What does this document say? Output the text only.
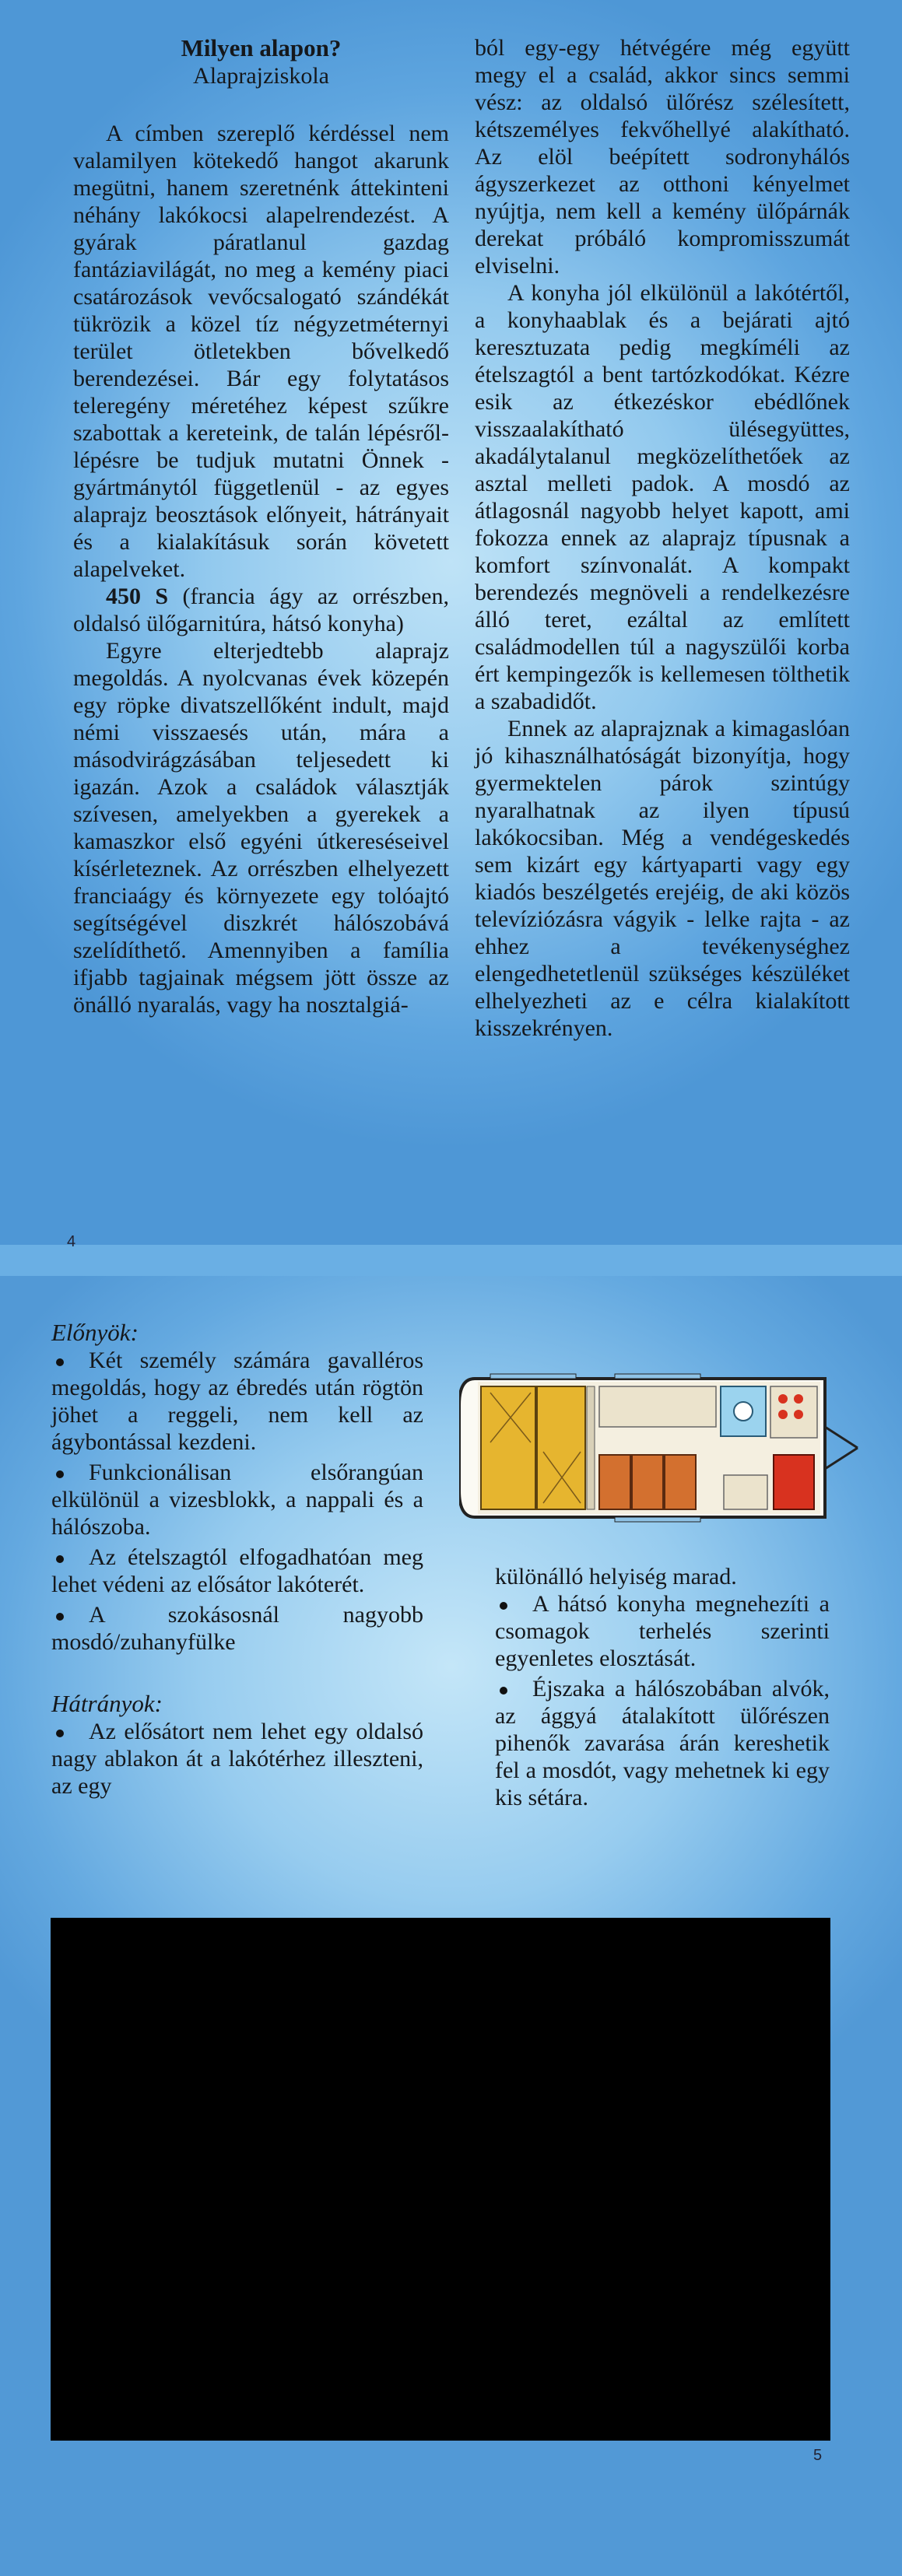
Milyen alapon?
Alaprajziskola

A címben szereplő kérdéssel nem valamilyen kötekedő hangot akarunk megütni, hanem szeretnénk áttekinteni néhány lakókocsi alapelrendezést. A gyárak páratlanul gazdag fantáziavilágát, no meg a kemény piaci csatározások vevőcsalogató szándékát tükrözik a közel tíz négyzetméternyi terület ötletekben bővelkedő berendezései. Bár egy folytatásos teleregény méretéhez képest szűkre szabottak a kereteink, de talán lépésről-lépésre be tudjuk mutatni Önnek - gyártmánytól függetlenül - az egyes alaprajz beosztások előnyeit, hátrányait és a kialakításuk során követett alapelveket.

450 S (francia ágy az orrészben, oldalsó ülőgarnitúra, hátsó konyha)

Egyre elterjedtebb alaprajz megoldás. A nyolcvanas évek közepén egy röpke divatszellőként indult, majd némi visszaesés után, mára a másodvirágzásában teljesedett ki igazán. Azok a családok választják szívesen, amelyekben a gyerekek a kamaszkor első egyéni útkereséseivel kísérleteznek. Az orrészben elhelyezett franciaágy és környezete egy tolóajtó segítségével diszkrét hálószobává szelídíthető. Amennyiben a família ifjabb tagjainak mégsem jött össze az önálló nyaralás, vagy ha nosztalgiá-

ból egy-egy hétvégére még együtt megy el a család, akkor sincs semmi vész: az oldalsó ülőrész szélesített, kétszemélyes fekvőhellyé alakítható. Az elöl beépített sodronyhálós ágyszerkezet az otthoni kényelmet nyújtja, nem kell a kemény ülőpárnák derekat próbáló kompromisszumát elviselni.

A konyha jól elkülönül a lakótértől, a konyhaablak és a bejárati ajtó keresztuzata pedig megkíméli az ételszagtól a bent tartózkodókat. Kézre esik az étkezéskor ebédlőnek visszaalakítható ülésegyüttes, akadálytalanul megközelíthetőek az asztal melleti padok. A mosdó az átlagosnál nagyobb helyet kapott, ami fokozza ennek az alaprajz típusnak a komfort színvonalát. A kompakt berendezés megnöveli a rendelkezésre álló teret, ezáltal az említett családmodellen túl a nagyszülői korba ért kempingezők is kellemesen tölthetik a szabadidőt.

Ennek az alaprajznak a kimagaslóan jó kihasználhatóságát bizonyítja, hogy gyermektelen párok szintúgy nyaralhatnak az ilyen típusú lakókocsiban. Még a vendégeskedés sem kizárt egy kártyaparti vagy egy kiadós beszélgetés erejéig, de aki közös televíziózásra vágyik - lelke rajta - az ehhez a tevékenységhez elengedhetetlenül szükséges készüléket elhelyezheti az e célra kialakított kisszekrényen.

4
Előnyök:
Két személy számára gavalléros megoldás, hogy az ébredés után rögtön jöhet a reggeli, nem kell az ágybontással kezdeni.
Funkcionálisan elsőrangúan elkülönül a vizesblokk, a nappali és a hálószoba.
Az ételszagtól elfogadhatóan meg lehet védeni az elősátor lakóterét.
A szokásosnál nagyobb mosdó/zuhanyfülke
Hátrányok:
Az elősátort nem lehet egy oldalsó nagy ablakon át a lakótérhez illeszteni, az egy

különálló helyiség marad.

A hátsó konyha megnehezíti a csomagok terhelés szerinti egyenletes elosztását.
Éjszaka a hálószobában alvók, az ággyá átalakított ülőrészen pihenők zavarása árán kereshetik fel a mosdót, vagy mehetnek ki egy kis sétára.
5
